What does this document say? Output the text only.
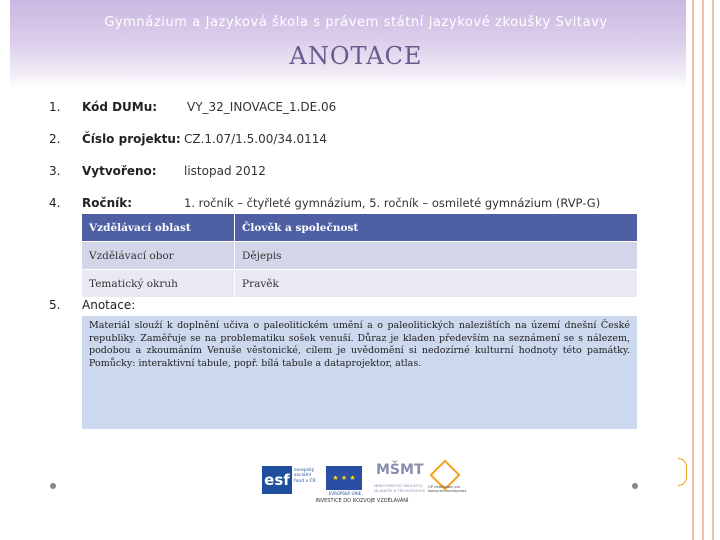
Gymnázium a Jazyková škola s právem státní jazykové zkoušky Svitavy
ANOTACE
1. Kód DUMu: VY_32_INOVACE_1.DE.06
2. Číslo projektu: CZ.1.07/1.5.00/34.0114
3. Vytvořeno: listopad 2012
4. Ročník:	1. ročník – čtyřleté gymnázium, 5. ročník – osmileté gymnázium (RVP-G)
Vzdělávací oblast	Člověk a společnost
Vzdělávací obor	Dějepis
Tematický okruh	Pravěk
5. Anotace:

Materiál slouží k doplnění učiva o paleolitickém umění a o paleolitických nalezištích na území dnešní České republiky. Zaměřuje se na problematiku sošek venuší. Důraz je kladen především na seznámení se s nálezem, podobou a zkoumáním Venuše věstonické, cílem je uvědomění si nedozírné kulturní hodnoty této památky. Pomůcky: interaktivní tabule, popř. bílá tabule a dataprojektor, atlas.

esf
evropský sociální fond v ČR	★ ★ ★
EVROPSKÁ UNIE
MŠMT
MINISTERSTVO ŠKOLSTVÍ, MLÁDEŽE A TĚLOVÝCHOVY
OP Vzdělávání pro konkurenceschopnost
INVESTICE DO ROZVOJE VZDĚLÁVÁNÍ
